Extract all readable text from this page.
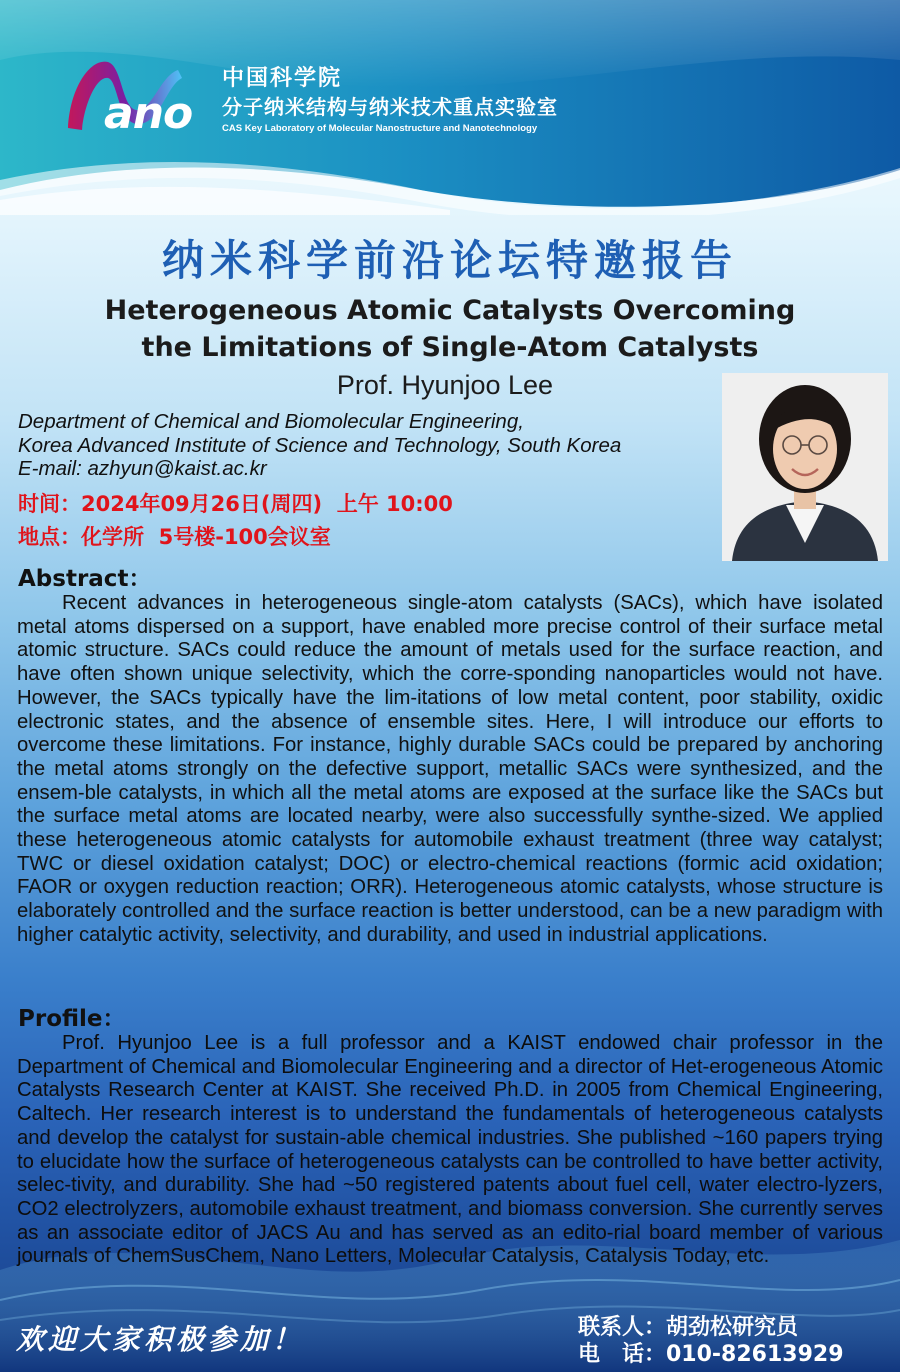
ano
中国科学院
分子纳米结构与纳米技术重点实验室
CAS Key Laboratory of Molecular Nanostructure and Nanotechnology
纳米科学前沿论坛特邀报告
Heterogeneous Atomic Catalysts Overcoming
the Limitations of Single-Atom Catalysts
Prof. Hyunjoo Lee
Department of Chemical and Biomolecular Engineering,
Korea Advanced Institute of Science and Technology, South Korea
E-mail: azhyun@kaist.ac.kr
时间：2024年09月26日(周四)  上午 10:00
地点：化学所  5号楼-100会议室
Abstract：
Recent advances in heterogeneous single-atom catalysts (SACs), which have isolated metal atoms dispersed on a support, have enabled more precise control of their surface metal atomic structure. SACs could reduce the amount of metals used for the surface reaction, and have often shown unique selectivity, which the corre-sponding nanoparticles would not have. However, the SACs typically have the lim-itations of low metal content, poor stability, oxidic electronic states, and the absence of ensemble sites. Here, I will introduce our efforts to overcome these limitations. For instance, highly durable SACs could be prepared by anchoring the metal atoms strongly on the defective support, metallic SACs were synthesized, and the ensem-ble catalysts, in which all the metal atoms are exposed at the surface like the SACs but the surface metal atoms are located nearby, were also successfully synthe-sized. We applied these heterogeneous atomic catalysts for automobile exhaust treatment (three way catalyst; TWC or diesel oxidation catalyst; DOC) or electro-chemical reactions (formic acid oxidation; FAOR or oxygen reduction reaction; ORR). Heterogeneous atomic catalysts, whose structure is elaborately controlled and the surface reaction is better understood, can be a new paradigm with higher catalytic activity, selectivity, and durability, and used in industrial applications.
Profile：
Prof. Hyunjoo Lee is a full professor and a KAIST endowed chair professor in the Department of Chemical and Biomolecular Engineering and a director of Het-erogeneous Atomic Catalysts Research Center at KAIST. She received Ph.D. in 2005 from Chemical Engineering, Caltech. Her research interest is to understand the fundamentals of heterogeneous catalysts and develop the catalyst for sustain-able chemical industries. She published ~160 papers trying to elucidate how the surface of heterogeneous catalysts can be controlled to have better activity, selec-tivity, and durability. She had ~50 registered patents about fuel cell, water electro-lyzers, CO2 electrolyzers, automobile exhaust treatment, and biomass conversion. She currently serves as an associate editor of JACS Au and has served as an edito-rial board member of various journals of ChemSusChem, Nano Letters, Molecular Catalysis, Catalysis Today, etc.
欢迎大家积极参加！	联系人：胡劲松研究员
电　话：010-82613929
